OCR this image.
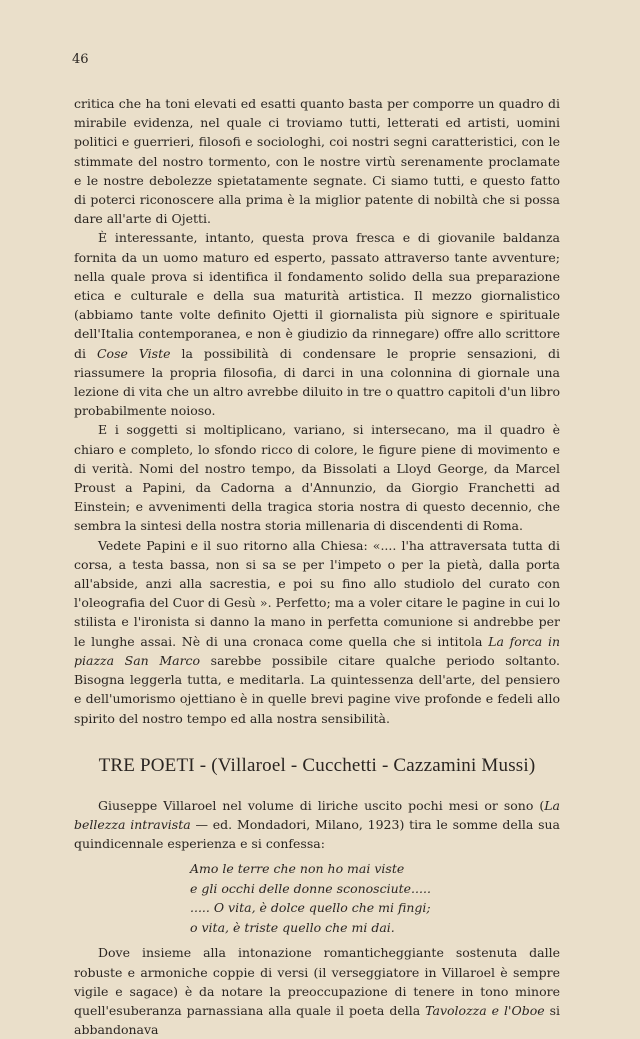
46

critica che ha toni elevati ed esatti quanto basta per comporre un quadro di mirabile evidenza, nel quale ci troviamo tutti, letterati ed artisti, uomini politici e guerrieri, filosofi e sociologhi, coi nostri segni caratteristici, con le stimmate del nostro tormento, con le nostre virtù serenamente proclamate e le nostre debolezze spietatamente segnate. Ci siamo tutti, e questo fatto di poterci riconoscere alla prima è la miglior patente di nobiltà che si possa dare all'arte di Ojetti.

È interessante, intanto, questa prova fresca e di giovanile baldanza fornita da un uomo maturo ed esperto, passato attraverso tante avventure; nella quale prova si identifica il fondamento solido della sua preparazione etica e culturale e della sua maturità artistica. Il mezzo giornalistico (abbiamo tante volte definito Ojetti il giornalista più signore e spirituale dell'Italia contemporanea, e non è giudizio da rinnegare) offre allo scrittore di Cose Viste la possibilità di condensare le proprie sensazioni, di riassumere la propria filosofia, di darci in una colonnina di giornale una lezione di vita che un altro avrebbe diluito in tre o quattro capitoli d'un libro probabilmente noioso.

E i soggetti si moltiplicano, variano, si intersecano, ma il quadro è chiaro e completo, lo sfondo ricco di colore, le figure piene di movimento e di verità. Nomi del nostro tempo, da Bissolati a Lloyd George, da Marcel Proust a Papini, da Cadorna a d'Annunzio, da Giorgio Franchetti ad Einstein; e avvenimenti della tragica storia nostra di questo decennio, che sembra la sintesi della nostra storia millenaria di discendenti di Roma.

Vedete Papini e il suo ritorno alla Chiesa: «.... l'ha attraversata tutta di corsa, a testa bassa, non si sa se per l'impeto o per la pietà, dalla porta all'abside, anzi alla sacrestia, e poi su fino allo studiolo del curato con l'oleografia del Cuor di Gesù ». Perfetto; ma a voler citare le pagine in cui lo stilista e l'ironista si danno la mano in perfetta comunione si andrebbe per le lunghe assai. Nè di una cronaca come quella che si intitola La forca in piazza San Marco sarebbe possibile citare qualche periodo soltanto. Bisogna leggerla tutta, e meditarla. La quintessenza dell'arte, del pensiero e dell'umorismo ojettiano è in quelle brevi pagine vive profonde e fedeli allo spirito del nostro tempo ed alla nostra sensibilità.

TRE POETI - (Villaroel - Cucchetti - Cazzamini Mussi)

Giuseppe Villaroel nel volume di liriche uscito pochi mesi or sono (La bellezza intravista — ed. Mondadori, Milano, 1923) tira le somme della sua quindicennale esperienza e si confessa:

Amo le terre che non ho mai viste
e gli occhi delle donne sconosciute.....
..... O vita, è dolce quello che mi fingi;
o vita, è triste quello che mi dai.

Dove insieme alla intonazione romanticheggiante sostenuta dalle robuste e armoniche coppie di versi (il verseggiatore in Villaroel è sempre vigile e sagace) è da notare la preoccupazione di tenere in tono minore quell'esuberanza parnassiana alla quale il poeta della Tavolozza e l'Oboe si abbandonava
